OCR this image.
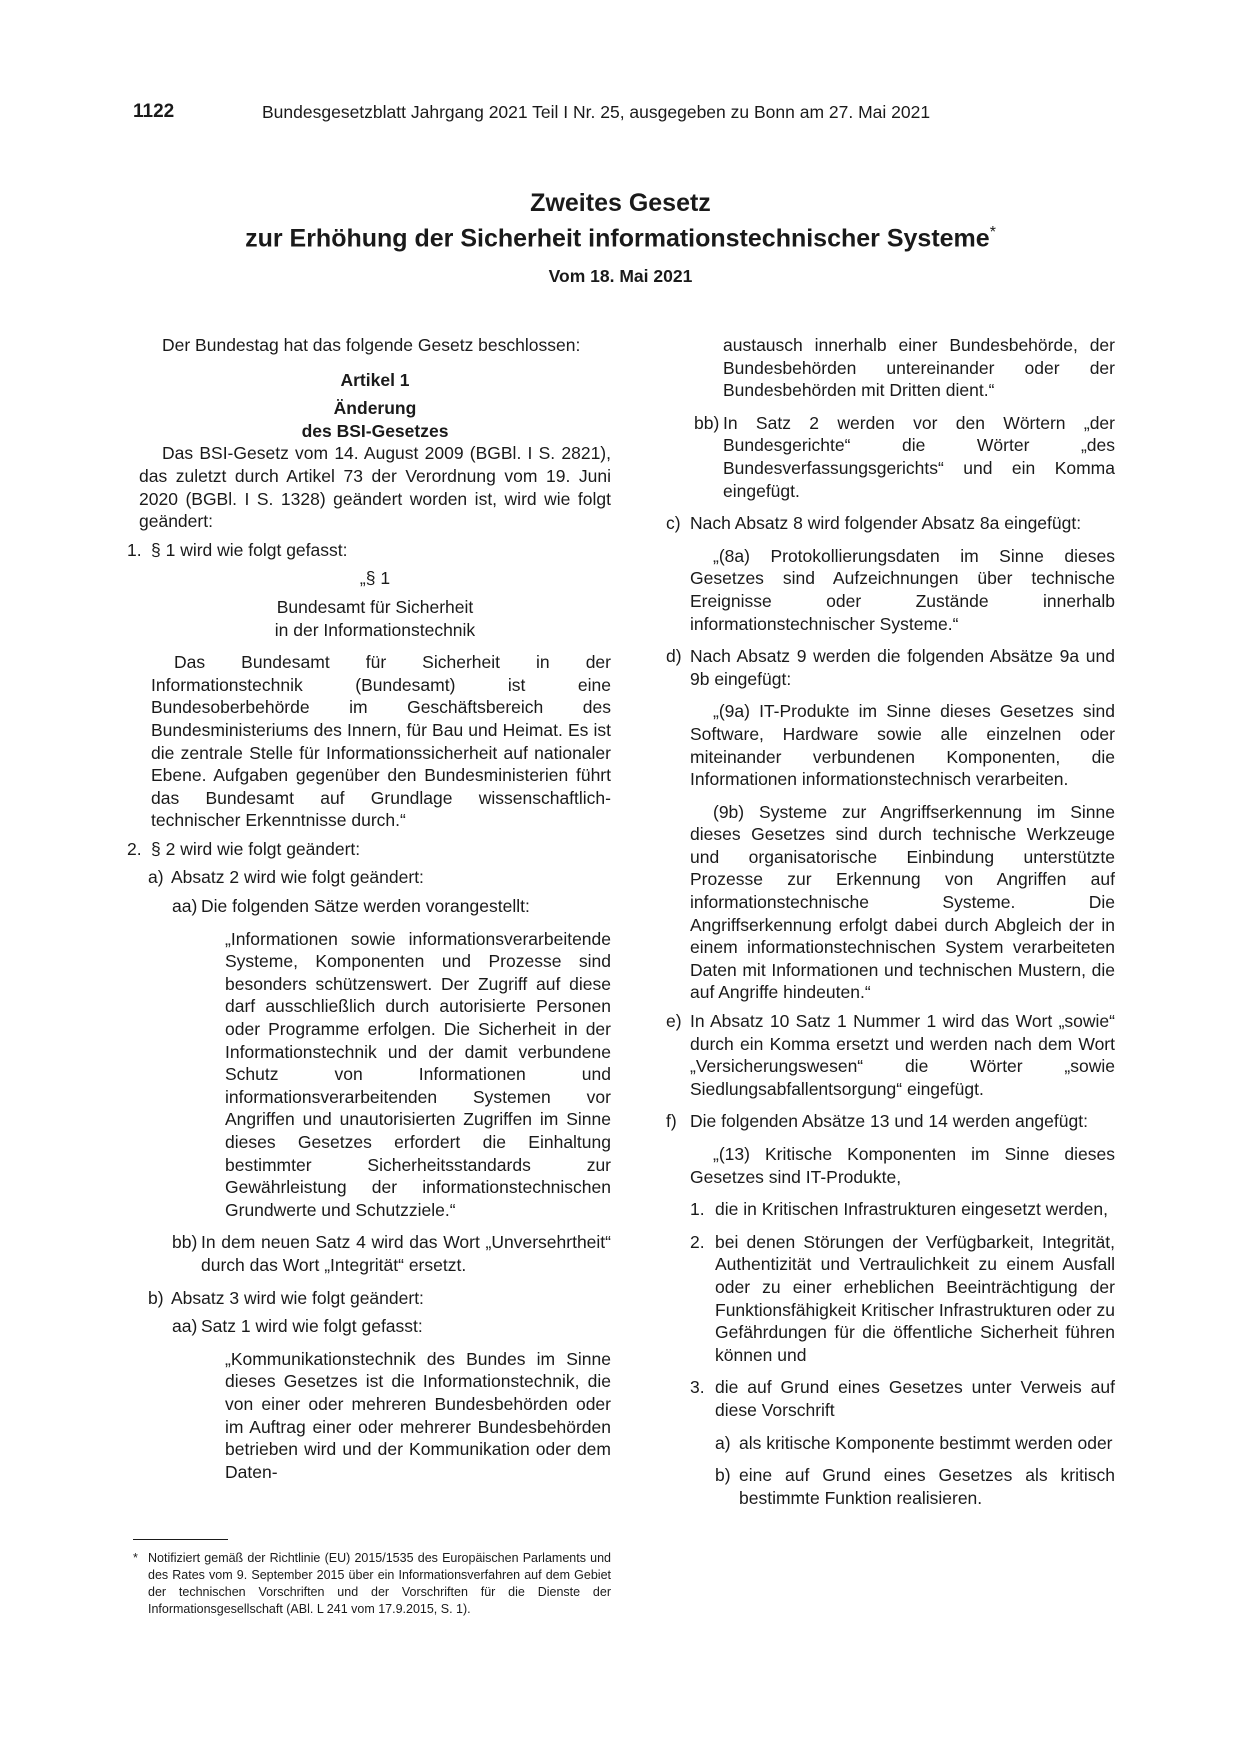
1122	Bundesgesetzblatt Jahrgang 2021 Teil I Nr. 25, ausgegeben zu Bonn am 27. Mai 2021
Zweites Gesetz
zur Erhöhung der Sicherheit informationstechnischer Systeme*
Vom 18. Mai 2021

Der Bundestag hat das folgende Gesetz beschlossen:

Artikel 1

Änderung

des BSI-Gesetzes

Das BSI-Gesetz vom 14. August 2009 (BGBl. I S. 2821), das zuletzt durch Artikel 73 der Verordnung vom 19. Juni 2020 (BGBl. I S. 1328) geändert worden ist, wird wie folgt geändert:

1. § 1 wird wie folgt gefasst:

„§ 1

Bundesamt für Sicherheit

in der Informationstechnik

Das Bundesamt für Sicherheit in der Informationstechnik (Bundesamt) ist eine Bundesoberbehörde im Geschäftsbereich des Bundesministeriums des Innern, für Bau und Heimat. Es ist die zentrale Stelle für Informationssicherheit auf nationaler Ebene. Aufgaben gegenüber den Bundesministerien führt das Bundesamt auf Grundlage wissenschaftlich-technischer Erkenntnisse durch.“

2. § 2 wird wie folgt geändert:

a) Absatz 2 wird wie folgt geändert:

aa) Die folgenden Sätze werden vorangestellt:

„Informationen sowie informationsverarbeitende Systeme, Komponenten und Prozesse sind besonders schützenswert. Der Zugriff auf diese darf ausschließlich durch autorisierte Personen oder Programme erfolgen. Die Sicherheit in der Informationstechnik und der damit verbundene Schutz von Informationen und informationsverarbeitenden Systemen vor Angriffen und unautorisierten Zugriffen im Sinne dieses Gesetzes erfordert die Einhaltung bestimmter Sicherheitsstandards zur Gewährleistung der informationstechnischen Grundwerte und Schutzziele.“

bb) In dem neuen Satz 4 wird das Wort „Unversehrtheit“ durch das Wort „Integrität“ ersetzt.

b) Absatz 3 wird wie folgt geändert:

aa) Satz 1 wird wie folgt gefasst:

„Kommunikationstechnik des Bundes im Sinne dieses Gesetzes ist die Informationstechnik, die von einer oder mehreren Bundesbehörden oder im Auftrag einer oder mehrerer Bundesbehörden betrieben wird und der Kommunikation oder dem Daten-

austausch innerhalb einer Bundesbehörde, der Bundesbehörden untereinander oder der Bundesbehörden mit Dritten dient.“

bb) In Satz 2 werden vor den Wörtern „der Bundesgerichte“ die Wörter „des Bundesverfassungsgerichts“ und ein Komma eingefügt.

c) Nach Absatz 8 wird folgender Absatz 8a eingefügt:

„(8a) Protokollierungsdaten im Sinne dieses Gesetzes sind Aufzeichnungen über technische Ereignisse oder Zustände innerhalb informationstechnischer Systeme.“

d) Nach Absatz 9 werden die folgenden Absätze 9a und 9b eingefügt:

„(9a) IT-Produkte im Sinne dieses Gesetzes sind Software, Hardware sowie alle einzelnen oder miteinander verbundenen Komponenten, die Informationen informationstechnisch verarbeiten.

(9b) Systeme zur Angriffserkennung im Sinne dieses Gesetzes sind durch technische Werkzeuge und organisatorische Einbindung unterstützte Prozesse zur Erkennung von Angriffen auf informationstechnische Systeme. Die Angriffserkennung erfolgt dabei durch Abgleich der in einem informationstechnischen System verarbeiteten Daten mit Informationen und technischen Mustern, die auf Angriffe hindeuten.“

e) In Absatz 10 Satz 1 Nummer 1 wird das Wort „sowie“ durch ein Komma ersetzt und werden nach dem Wort „Versicherungswesen“ die Wörter „sowie Siedlungsabfallentsorgung“ eingefügt.

f) Die folgenden Absätze 13 und 14 werden angefügt:

„(13) Kritische Komponenten im Sinne dieses Gesetzes sind IT-Produkte,

1. die in Kritischen Infrastrukturen eingesetzt werden,

2. bei denen Störungen der Verfügbarkeit, Integrität, Authentizität und Vertraulichkeit zu einem Ausfall oder zu einer erheblichen Beeinträchtigung der Funktionsfähigkeit Kritischer Infrastrukturen oder zu Gefährdungen für die öffentliche Sicherheit führen können und

3. die auf Grund eines Gesetzes unter Verweis auf diese Vorschrift

a) als kritische Komponente bestimmt werden oder

b) eine auf Grund eines Gesetzes als kritisch bestimmte Funktion realisieren.

* Notifiziert gemäß der Richtlinie (EU) 2015/1535 des Europäischen Parlaments und des Rates vom 9. September 2015 über ein Informationsverfahren auf dem Gebiet der technischen Vorschriften und der Vorschriften für die Dienste der Informationsgesellschaft (ABl. L 241 vom 17.9.2015, S. 1).
